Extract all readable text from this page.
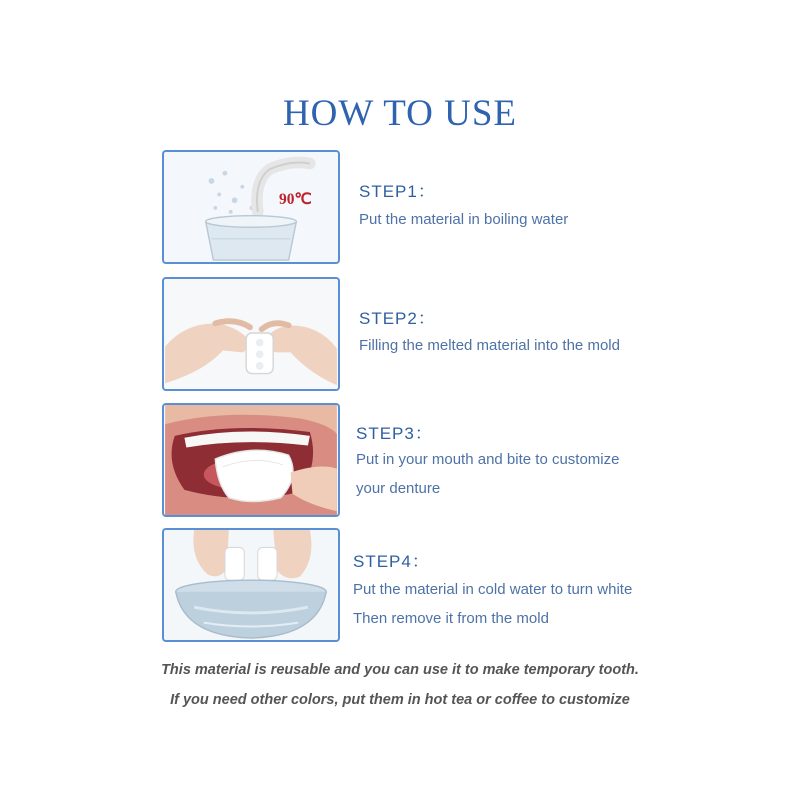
HOW TO USE
90℃	STEP1：

Put the material in boiling water

STEP2：

Filling the melted material into the mold

STEP3：

Put in your mouth and bite to customize

your denture

STEP4：

Put the material in cold water to turn white

Then remove it from the mold

This material is reusable and you can use it to make temporary tooth.

If you need other colors, put them in hot tea or coffee to customize
